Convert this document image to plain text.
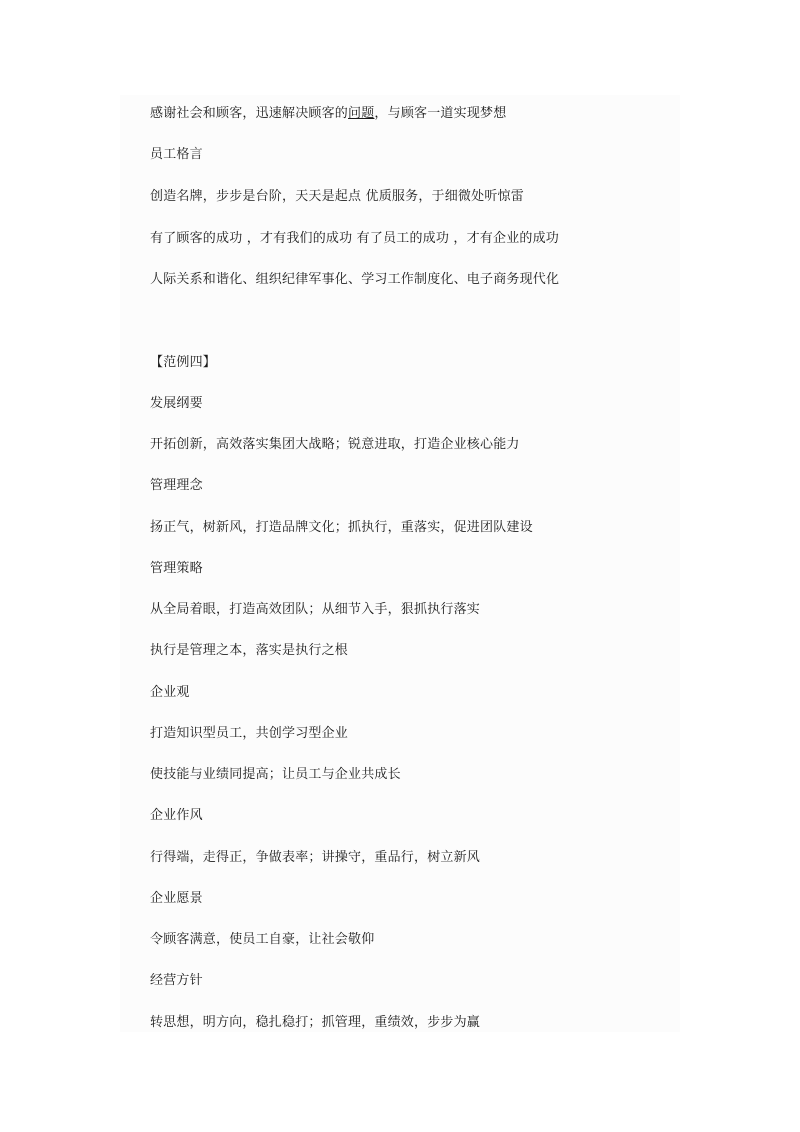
感谢社会和顾客，迅速解决顾客的问题，与顾客一道实现梦想
员工格言
创造名牌，步步是台阶，天天是起点 优质服务，于细微处听惊雷
有了顾客的成功 ，才有我们的成功 有了员工的成功 ，才有企业的成功
人际关系和谐化、组织纪律军事化、学习工作制度化、电子商务现代化
【范例四】
发展纲要
开拓创新，高效落实集团大战略；锐意进取，打造企业核心能力
管理理念
扬正气，树新风，打造品牌文化；抓执行，重落实，促进团队建设
管理策略
从全局着眼，打造高效团队；从细节入手，狠抓执行落实
执行是管理之本，落实是执行之根
企业观
打造知识型员工，共创学习型企业
使技能与业绩同提高；让员工与企业共成长
企业作风
行得端，走得正，争做表率；讲操守，重品行，树立新风
企业愿景
令顾客满意，使员工自豪，让社会敬仰
经营方针
转思想，明方向，稳扎稳打；抓管理，重绩效，步步为赢
